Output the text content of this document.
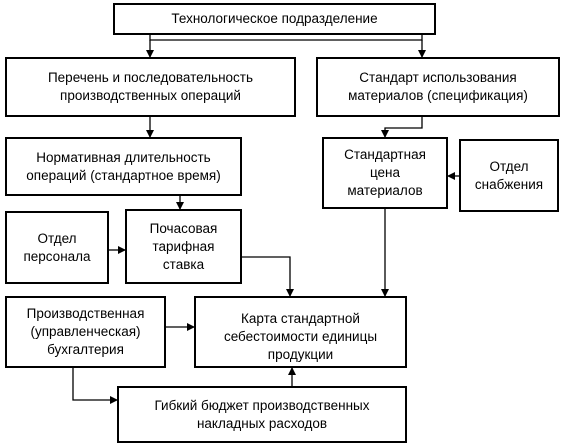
Технологическое подразделение
Перечень и последовательность
производственных операций
Стандарт использования
материалов (спецификация)
Нормативная длительность
операций (стандартное время)
Стандартная
цена
материалов
Отдел
снабжения
Отдел
персонала
Почасовая
тарифная
ставка
Производственная
(управленческая)
бухгалтерия
Карта стандартной
себестоимости единицы
продукции
Гибкий бюджет производственных
накладных расходов
